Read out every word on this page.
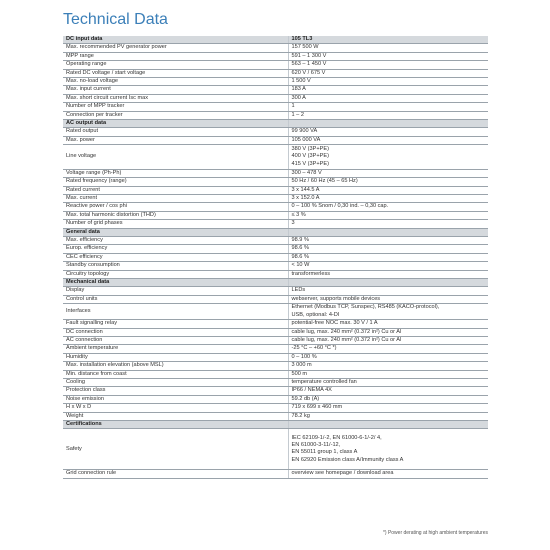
Technical Data
DC input data	105 TL3
Max. recommended PV generator power	157 500 W

MPP range	591 – 1 300 V

Operating range	563 – 1 450 V

Rated DC voltage / start voltage	620 V / 675 V

Max. no-load voltage	1 500 V

Max. input current	183 A

Max. short circuit current Isc max	300 A

Number of MPP tracker	1

Connection per tracker	1 – 2

AC output data	
Rated output	99 900 VA

Max. power	105 000 VA

Line voltage	380 V (3P+PE)
400 V (3P+PE)
415 V (3P+PE)

Voltage range (Ph-Ph)	300 – 478 V

Rated frequency (range)	50 Hz / 60 Hz (45 – 65 Hz)

Rated current	3 x 144.5 A

Max. current	3 x 152.0 A

Reactive power / cos phi	0 – 100 % Snom / 0,30 ind. – 0,30 cap.

Max. total harmonic distortion (THD)	≤ 3 %

Number of grid phases	3

General data	
Max. efficiency	98.9 %

Europ. efficiency	98.6 %

CEC efficiency	98.6 %

Standby consumption	< 10 W

Circuitry topology	transformerless

Mechanical data	
Display	LEDs

Control units	webserver, supports mobile devices

Interfaces	Ethernet (Modbus TCP, Sunspec), RS485 (KACO-protocol),
USB, optional: 4-DI

Fault signalling relay	potential-free NOC max. 30 V / 1 A

DC connection	cable lug, max. 240 mm² (0.372 in²) Cu or Al

AC connection	cable lug, max. 240 mm² (0.372 in²) Cu or Al

Ambient temperature	-25 °C – +60 °C *)

Humidity	0 – 100 %

Max. installation elevation (above MSL)	3 000 m

Min. distance from coast	500 m

Cooling	temperature controlled fan

Protection class	IP66 / NEMA 4X

Noise emission	59.2 db (A)

H x W x D	719 x 699 x 460 mm

Weight	78.2 kg

Certifications	
Safety	IEC 62109-1/-2, EN 61000-6-1/-2/ 4,
EN 61000-3-11/-12,
EN 55011 group 1, class A
EN 62920 Emission class A/Immunity class A

Grid connection rule	overview see homepage / download area
*) Power derating at high ambient temperatures
